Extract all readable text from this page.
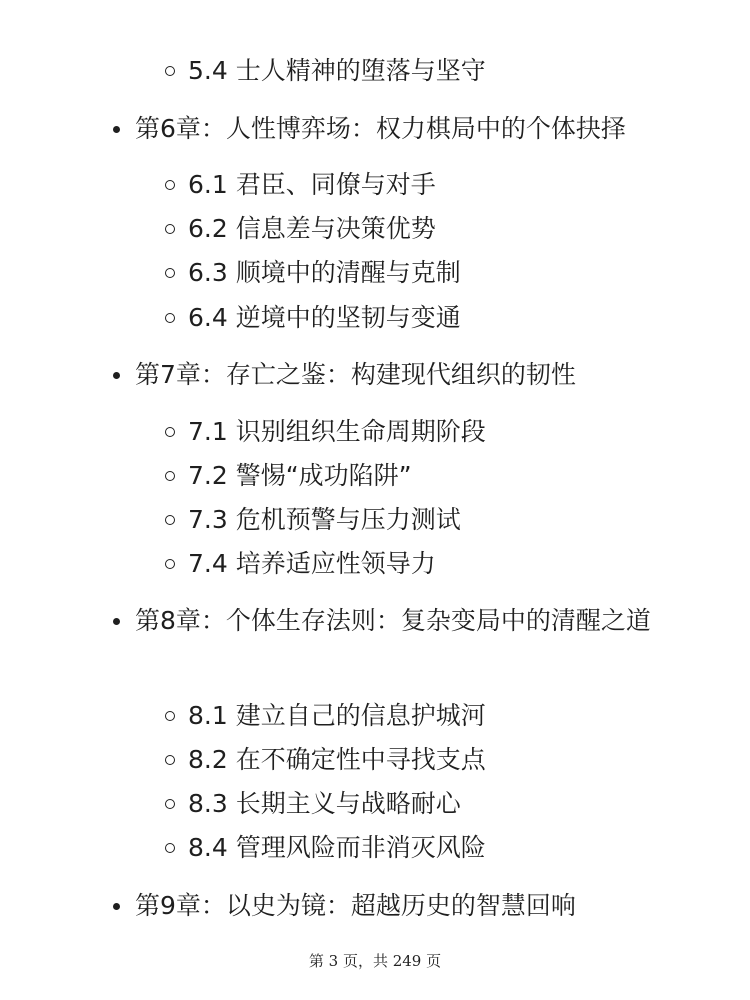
5.4 士人精神的堕落与坚守
第6章：人性博弈场：权力棋局中的个体抉择
6.1 君臣、同僚与对手
6.2 信息差与决策优势
6.3 顺境中的清醒与克制
6.4 逆境中的坚韧与变通
第7章：存亡之鉴：构建现代组织的韧性
7.1 识别组织生命周期阶段
7.2 警惕“成功陷阱”
7.3 危机预警与压力测试
7.4 培养适应性领导力
第8章：个体生存法则：复杂变局中的清醒之道
8.1 建立自己的信息护城河
8.2 在不确定性中寻找支点
8.3 长期主义与战略耐心
8.4 管理风险而非消灭风险
第9章：以史为镜：超越历史的智慧回响
第 3 页，共 249 页
